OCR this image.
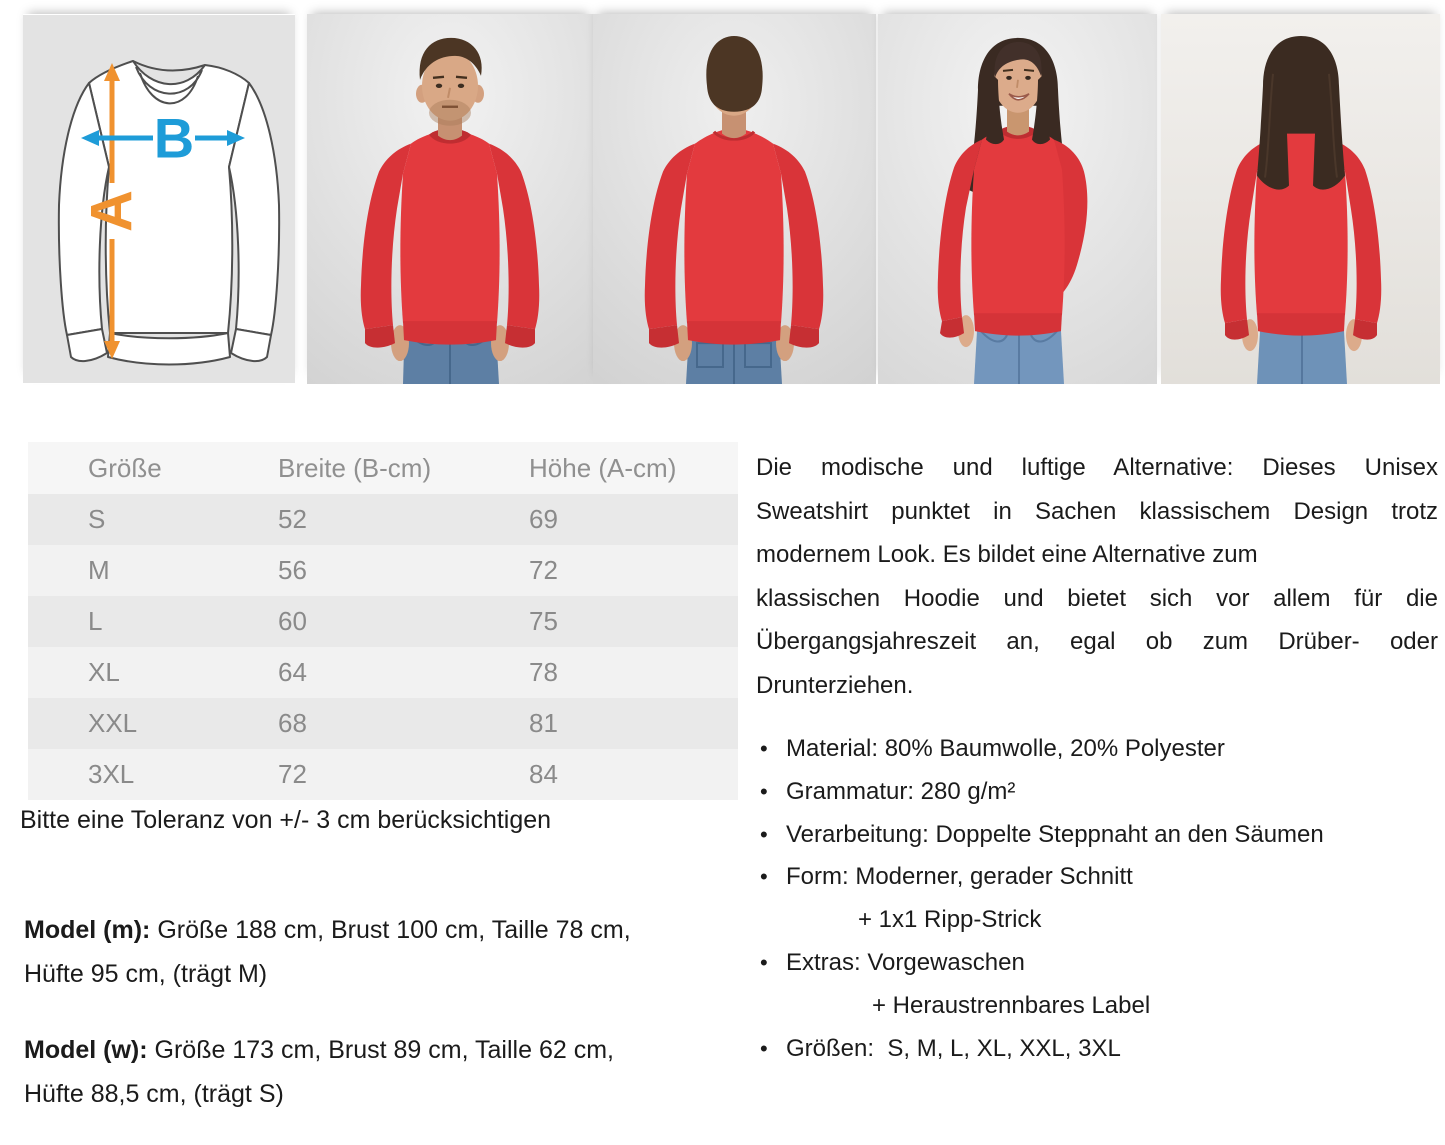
A
B
Größe	Breite (B-cm)	Höhe (A-cm)
S	52	69
M	56	72
L	60	75
XL	64	78
XXL	68	81
3XL	72	84
Bitte eine Toleranz von +/- 3 cm berücksichtigen
Model (m): Größe 188 cm, Brust 100 cm, Taille 78 cm,
Hüfte 95 cm, (trägt M)
Model (w): Größe 173 cm, Brust 89 cm, Taille 62 cm,
Hüfte 88,5 cm, (trägt S)
Die modische und luftige Alternative: Dieses Unisex
Sweatshirt punktet in Sachen klassischem Design trotz
modernem Look. Es bildet eine Alternative zum
klassischen Hoodie und bietet sich vor allem für die
Übergangsjahreszeit an, egal ob zum Drüber- oder
Drunterziehen.
• Material: 80% Baumwolle, 20% Polyester
• Grammatur: 280 g/m²
• Verarbeitung: Doppelte Steppnaht an den Säumen
• Form: Moderner, gerader Schnitt
+ 1x1 Ripp-Strick
• Extras: Vorgewaschen
+ Heraustrennbares Label
• Größen:  S, M, L, XL, XXL, 3XL
